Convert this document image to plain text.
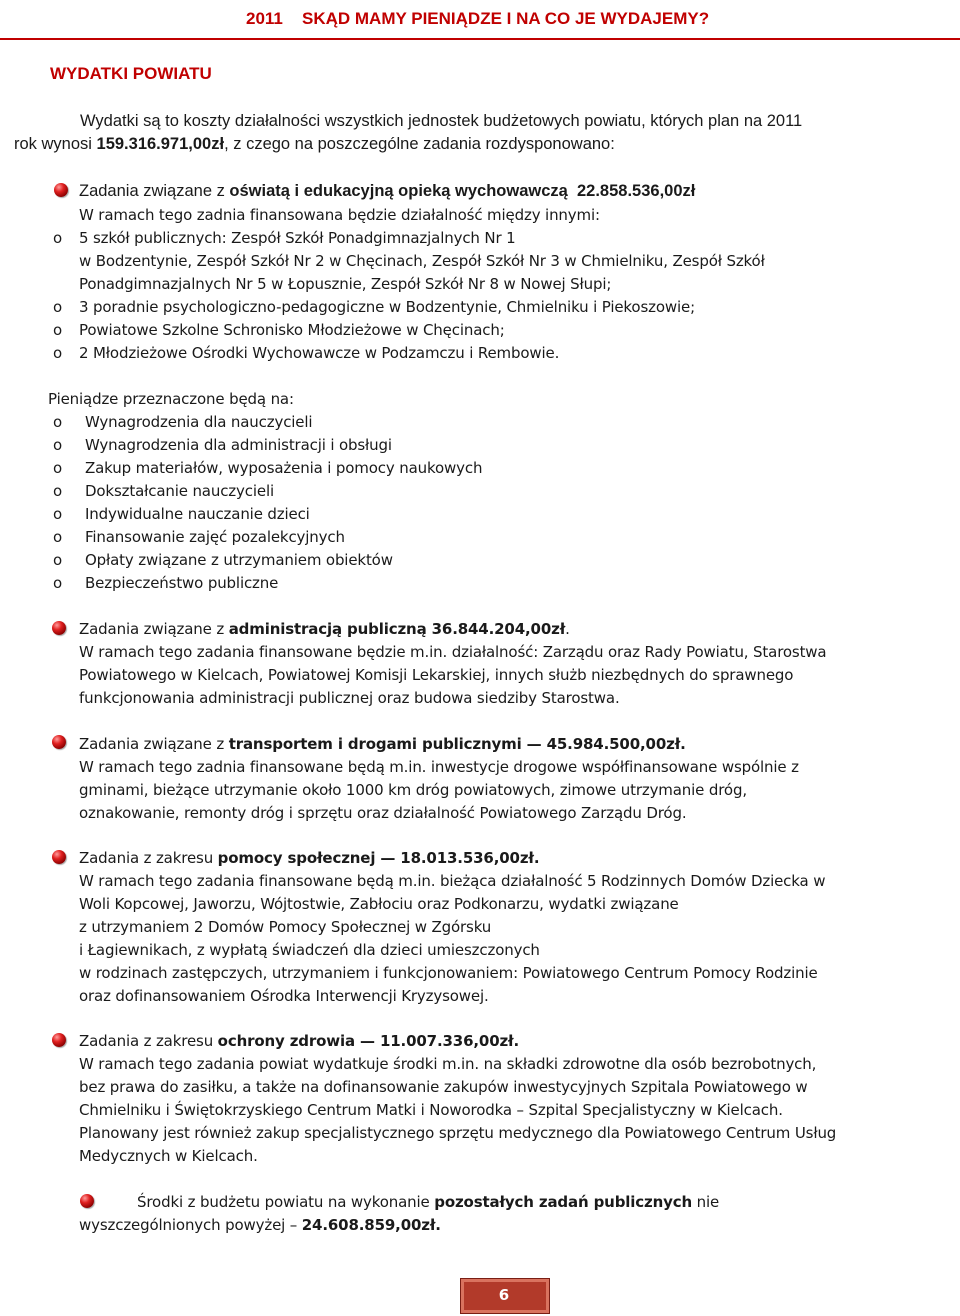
2011 SKĄD MAMY PIENIĄDZE I NA CO JE WYDAJEMY?
WYDATKI POWIATU
Wydatki są to koszty działalności wszystkich jednostek budżetowych powiatu, których plan na 2011
rok wynosi 159.316.971,00zł, z czego na poszczególne zadania rozdysponowano:
Zadania związane z oświatą i edukacyjną opieką wychowawczą 22.858.536,00zł
W ramach tego zadnia finansowana będzie działalność między innymi:
o 5 szkół publicznych: Zespół Szkół Ponadgimnazjalnych Nr 1
w Bodzentynie, Zespół Szkół Nr 2 w Chęcinach, Zespół Szkół Nr 3 w Chmielniku, Zespół Szkół
Ponadgimnazjalnych Nr 5 w Łopusznie, Zespół Szkół Nr 8 w Nowej Słupi;
o 3 poradnie psychologiczno-pedagogiczne w Bodzentynie, Chmielniku i Piekoszowie;
o Powiatowe Szkolne Schronisko Młodzieżowe w Chęcinach;
o 2 Młodzieżowe Ośrodki Wychowawcze w Podzamczu i Rembowie.
Pieniądze przeznaczone będą na:
o Wynagrodzenia dla nauczycieli
o Wynagrodzenia dla administracji i obsługi
o Zakup materiałów, wyposażenia i pomocy naukowych
o Dokształcanie nauczycieli
o Indywidualne nauczanie dzieci
o Finansowanie zajęć pozalekcyjnych
o Opłaty związane z utrzymaniem obiektów
o Bezpieczeństwo publiczne
Zadania związane z administracją publiczną 36.844.204,00zł.
W ramach tego zadania finansowane będzie m.in. działalność: Zarządu oraz Rady Powiatu, Starostwa
Powiatowego w Kielcach, Powiatowej Komisji Lekarskiej, innych służb niezbędnych do sprawnego
funkcjonowania administracji publicznej oraz budowa siedziby Starostwa.
Zadania związane z transportem i drogami publicznymi — 45.984.500,00zł.
W ramach tego zadnia finansowane będą m.in. inwestycje drogowe współfinansowane wspólnie z
gminami, bieżące utrzymanie około 1000 km dróg powiatowych, zimowe utrzymanie dróg,
oznakowanie, remonty dróg i sprzętu oraz działalność Powiatowego Zarządu Dróg.
Zadania z zakresu pomocy społecznej — 18.013.536,00zł.
W ramach tego zadania finansowane będą m.in. bieżąca działalność 5 Rodzinnych Domów Dziecka w
Woli Kopcowej, Jaworzu, Wójtostwie, Zabłociu oraz Podkonarzu, wydatki związane
z utrzymaniem 2 Domów Pomocy Społecznej w Zgórsku
i Łagiewnikach, z wypłatą świadczeń dla dzieci umieszczonych
w rodzinach zastępczych, utrzymaniem i funkcjonowaniem: Powiatowego Centrum Pomocy Rodzinie
oraz dofinansowaniem Ośrodka Interwencji Kryzysowej.
Zadania z zakresu ochrony zdrowia — 11.007.336,00zł.
W ramach tego zadania powiat wydatkuje środki m.in. na składki zdrowotne dla osób bezrobotnych,
bez prawa do zasiłku, a także na dofinansowanie zakupów inwestycyjnych Szpitala Powiatowego w
Chmielniku i Świętokrzyskiego Centrum Matki i Noworodka – Szpital Specjalistyczny w Kielcach.
Planowany jest również zakup specjalistycznego sprzętu medycznego dla Powiatowego Centrum Usług
Medycznych w Kielcach.
Środki z budżetu powiatu na wykonanie pozostałych zadań publicznych nie
wyszczególnionych powyżej – 24.608.859,00zł.
6
